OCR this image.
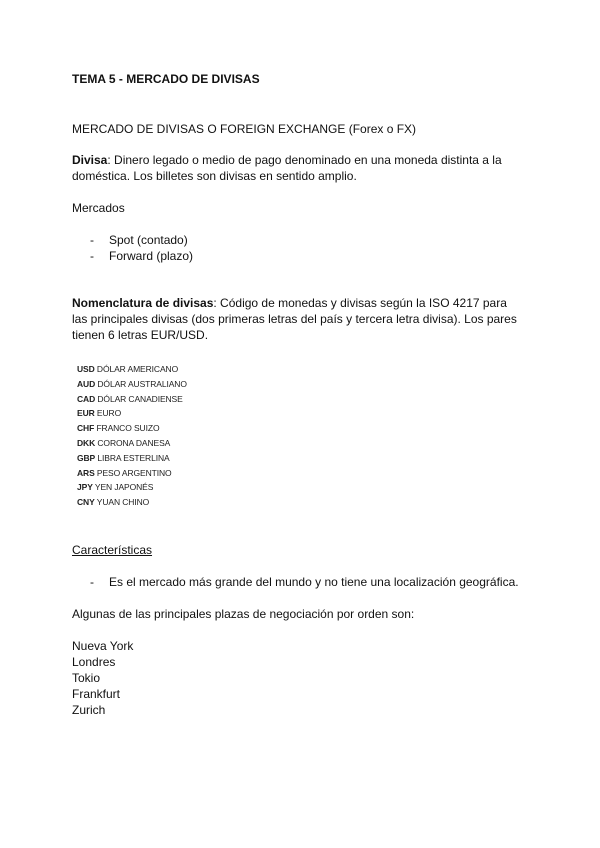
TEMA 5 - MERCADO DE DIVISAS
MERCADO DE DIVISAS O FOREIGN EXCHANGE (Forex o FX)
Divisa: Dinero legado o medio de pago denominado en una moneda distinta a la
doméstica. Los billetes son divisas en sentido amplio.
Mercados
- Spot (contado)
- Forward (plazo)
Nomenclatura de divisas: Código de monedas y divisas según la ISO 4217 para
las principales divisas (dos primeras letras del país y tercera letra divisa). Los pares
tienen 6 letras EUR/USD.
USD DÓLAR AMERICANO
AUD DÓLAR AUSTRALIANO
CAD DÓLAR CANADIENSE
EUR EURO
CHF FRANCO SUIZO
DKK CORONA DANESA
GBP LIBRA ESTERLINA
ARS PESO ARGENTINO
JPY YEN JAPONÉS
CNY YUAN CHINO
Características
- Es el mercado más grande del mundo y no tiene una localización geográfica.
Algunas de las principales plazas de negociación por orden son:
Nueva York
Londres
Tokio
Frankfurt
Zurich
